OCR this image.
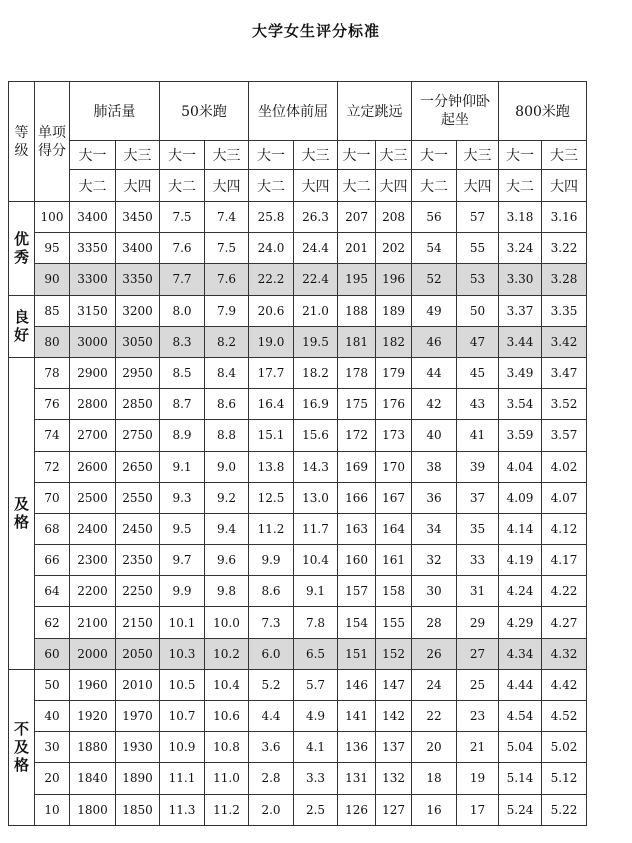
大学女生评分标准
等级	单项得分	肺活量		50米跑		坐位体前屈		立定跳远		一分钟仰卧起坐		800米跑	
		大一	大三	大一	大三	大一	大三	大一	大三	大一	大三	大一	大三
		大二	大四	大二	大四	大二	大四	大二	大四	大二	大四	大二	大四
优秀	100	3400	3450	7.5	7.4	25.8	26.3	207	208	56	57	3.18	3.16
	95	3350	3400	7.6	7.5	24.0	24.4	201	202	54	55	3.24	3.22
	90	3300	3350	7.7	7.6	22.2	22.4	195	196	52	53	3.30	3.28
良好	85	3150	3200	8.0	7.9	20.6	21.0	188	189	49	50	3.37	3.35
	80	3000	3050	8.3	8.2	19.0	19.5	181	182	46	47	3.44	3.42
及格	78	2900	2950	8.5	8.4	17.7	18.2	178	179	44	45	3.49	3.47
	76	2800	2850	8.7	8.6	16.4	16.9	175	176	42	43	3.54	3.52
	74	2700	2750	8.9	8.8	15.1	15.6	172	173	40	41	3.59	3.57
	72	2600	2650	9.1	9.0	13.8	14.3	169	170	38	39	4.04	4.02
	70	2500	2550	9.3	9.2	12.5	13.0	166	167	36	37	4.09	4.07
	68	2400	2450	9.5	9.4	11.2	11.7	163	164	34	35	4.14	4.12
	66	2300	2350	9.7	9.6	9.9	10.4	160	161	32	33	4.19	4.17
	64	2200	2250	9.9	9.8	8.6	9.1	157	158	30	31	4.24	4.22
	62	2100	2150	10.1	10.0	7.3	7.8	154	155	28	29	4.29	4.27
	60	2000	2050	10.3	10.2	6.0	6.5	151	152	26	27	4.34	4.32
不及格	50	1960	2010	10.5	10.4	5.2	5.7	146	147	24	25	4.44	4.42
	40	1920	1970	10.7	10.6	4.4	4.9	141	142	22	23	4.54	4.52
	30	1880	1930	10.9	10.8	3.6	4.1	136	137	20	21	5.04	5.02
	20	1840	1890	11.1	11.0	2.8	3.3	131	132	18	19	5.14	5.12
	10	1800	1850	11.3	11.2	2.0	2.5	126	127	16	17	5.24	5.22
